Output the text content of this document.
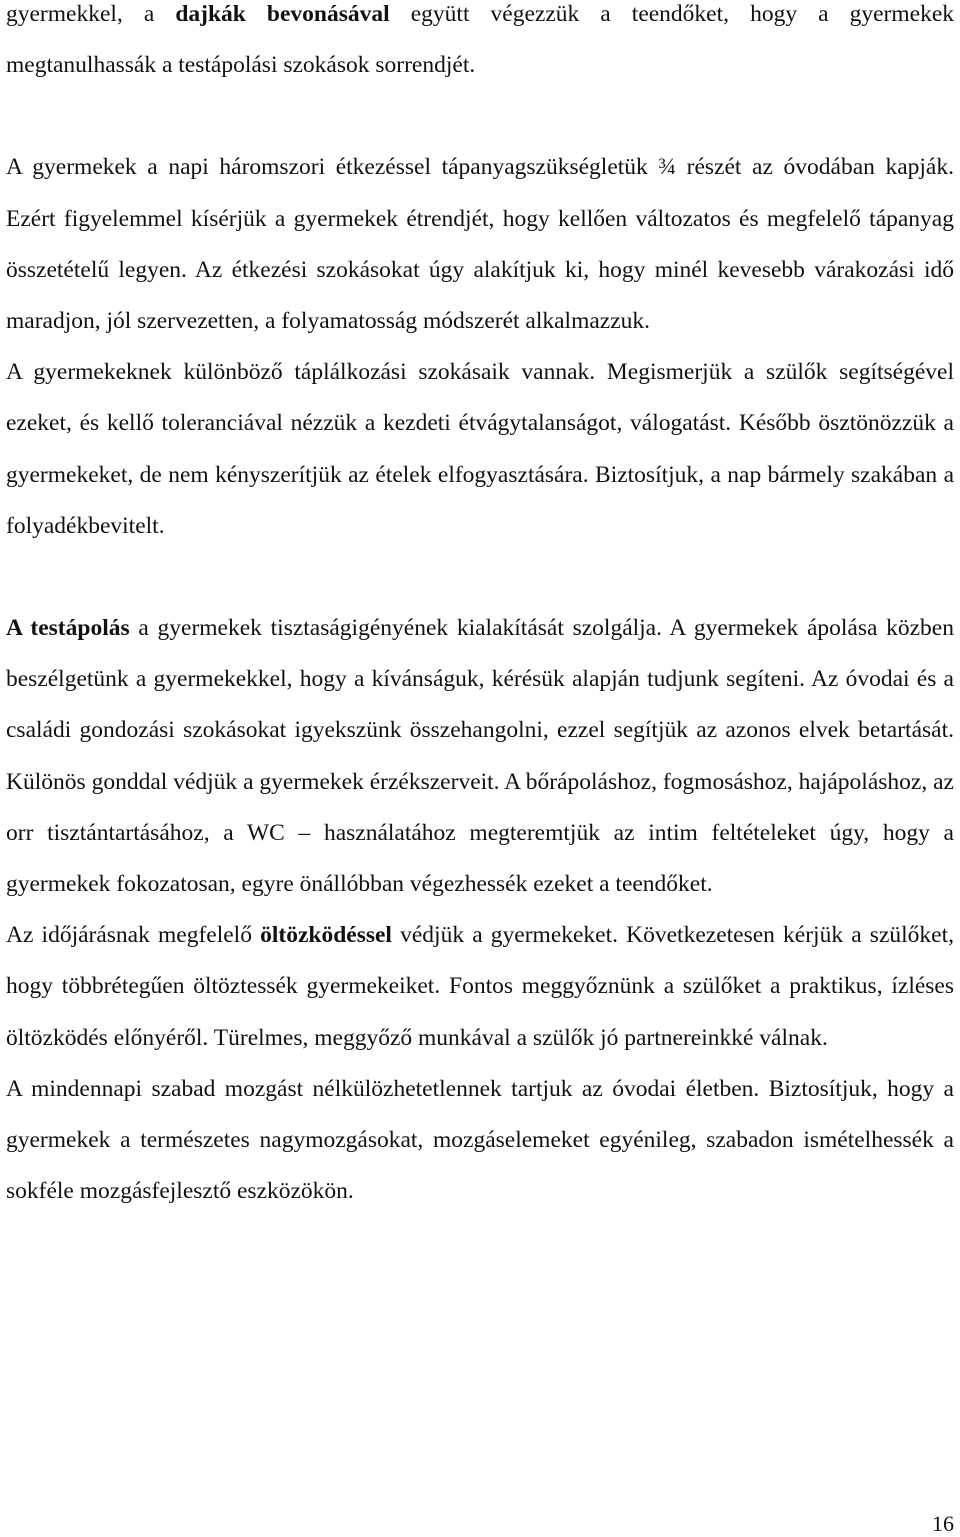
gyermekkel, a dajkák bevonásával együtt végezzük a teendőket, hogy a gyermekek megtanulhassák a testápolási szokások sorrendjét.

A gyermekek a napi háromszori étkezéssel tápanyagszükségletük ¾ részét az óvodában kapják. Ezért figyelemmel kísérjük a gyermekek étrendjét, hogy kellően változatos és megfelelő tápanyag összetételű legyen. Az étkezési szokásokat úgy alakítjuk ki, hogy minél kevesebb várakozási idő maradjon, jól szervezetten, a folyamatosság módszerét alkalmazzuk.

A gyermekeknek különböző táplálkozási szokásaik vannak. Megismerjük a szülők segítségével ezeket, és kellő toleranciával nézzük a kezdeti étvágytalanságot, válogatást. Később ösztönözzük a gyermekeket, de nem kényszerítjük az ételek elfogyasztására. Biztosítjuk, a nap bármely szakában a folyadékbevitelt.

A testápolás a gyermekek tisztaságigényének kialakítását szolgálja. A gyermekek ápolása közben beszélgetünk a gyermekekkel, hogy a kívánságuk, kérésük alapján tudjunk segíteni. Az óvodai és a családi gondozási szokásokat igyekszünk összehangolni, ezzel segítjük az azonos elvek betartását. Különös gonddal védjük a gyermekek érzékszerveit. A bőrápoláshoz, fogmosáshoz, hajápoláshoz, az orr tisztántartásához, a WC – használatához megteremtjük az intim feltételeket úgy, hogy a gyermekek fokozatosan, egyre önállóbban végezhessék ezeket a teendőket.

Az időjárásnak megfelelő öltözködéssel védjük a gyermekeket. Következetesen kérjük a szülőket, hogy többrétegűen öltöztessék gyermekeiket. Fontos meggyőznünk a szülőket a praktikus, ízléses öltözködés előnyéről. Türelmes, meggyőző munkával a szülők jó partnereinkké válnak.

A mindennapi szabad mozgást nélkülözhetetlennek tartjuk az óvodai életben. Biztosítjuk, hogy a gyermekek a természetes nagymozgásokat, mozgáselemeket egyénileg, szabadon ismételhessék a sokféle mozgásfejlesztő eszközökön.

16
